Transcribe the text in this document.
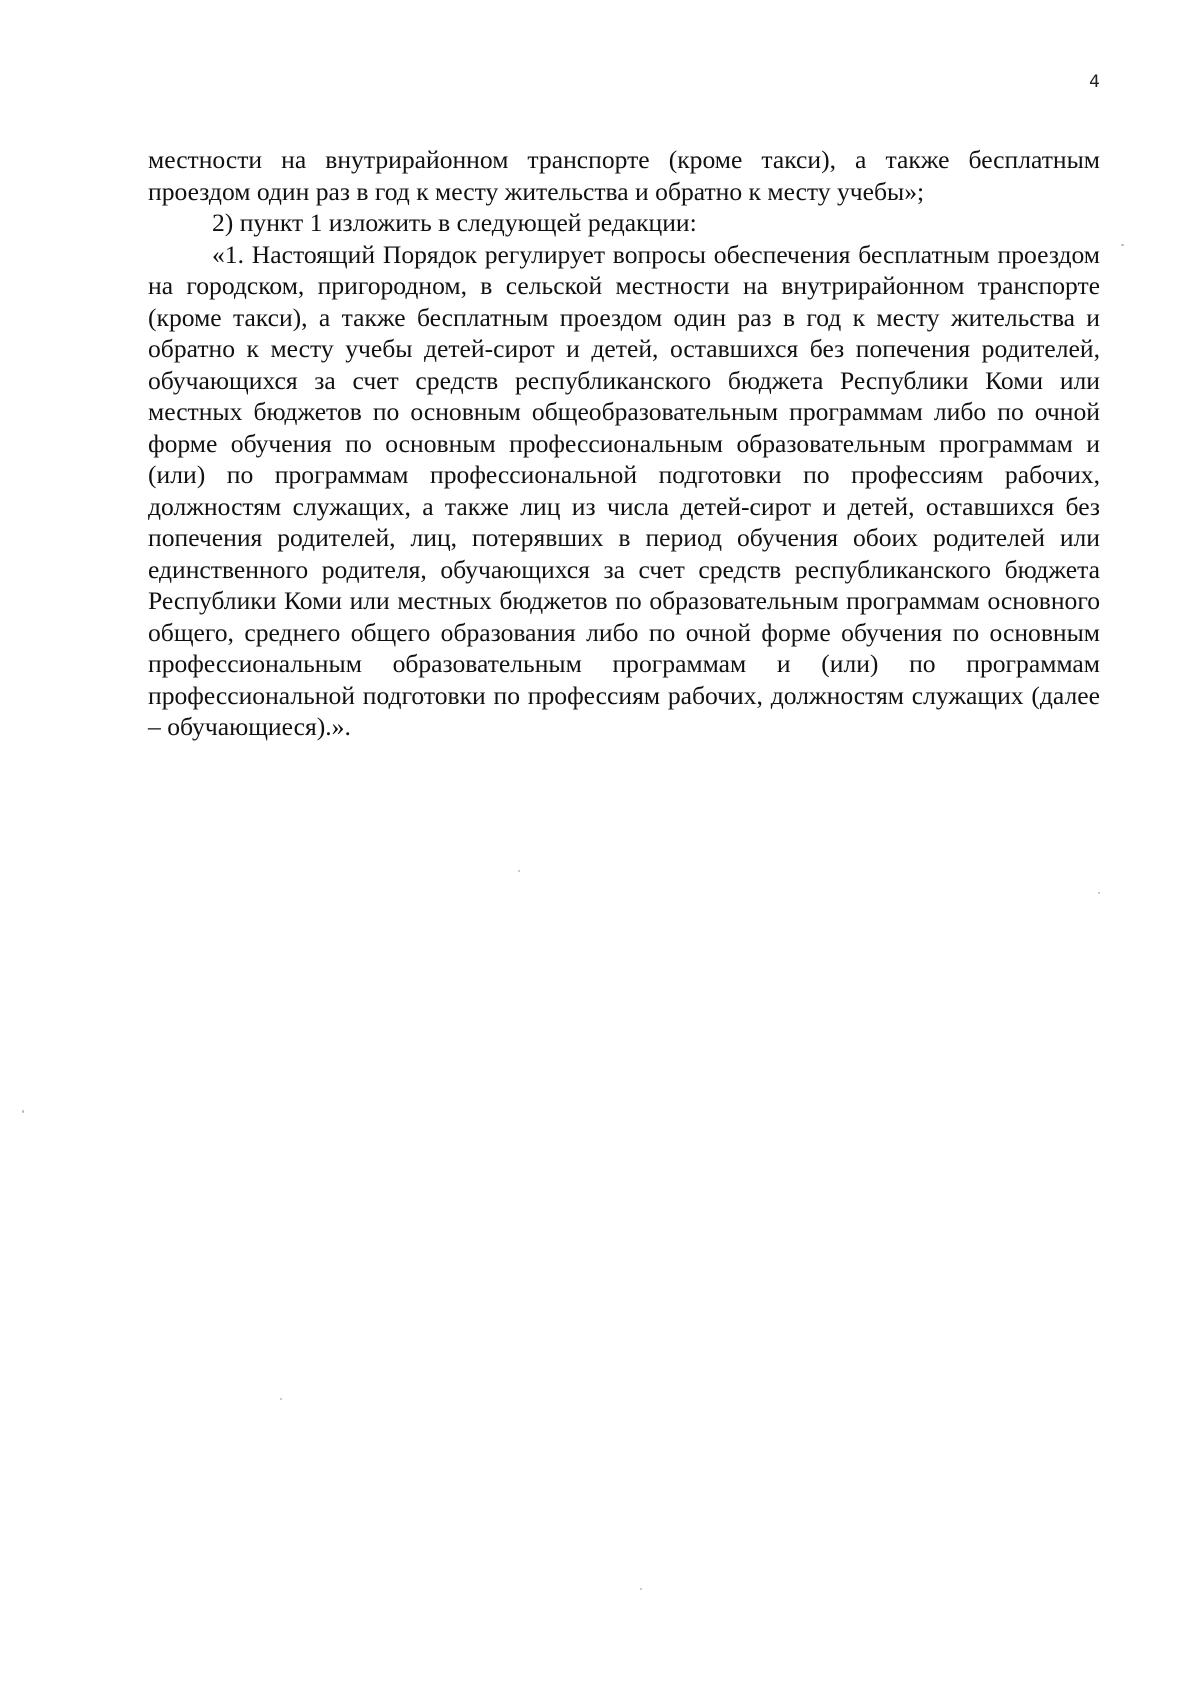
4

местности на внутрирайонном транспорте (кроме такси), а также бесплатным проездом один раз в год к месту жительства и обратно к месту учебы»;

2) пункт 1 изложить в следующей редакции:

«1. Настоящий Порядок регулирует вопросы обеспечения бесплатным проездом на городском, пригородном, в сельской местности на внутрирайонном транспорте (кроме такси), а также бесплатным проездом один раз в год к месту жительства и обратно к месту учебы детей-сирот и детей, оставшихся без попечения родителей, обучающихся за счет средств республиканского бюджета Республики Коми или местных бюджетов по основным общеобразовательным программам либо по очной форме обучения по основным профессиональным образовательным программам и (или) по программам профессиональной подготовки по профессиям рабочих, должностям служащих, а также лиц из числа детей-сирот и детей, оставшихся без попечения родителей, лиц, потерявших в период обучения обоих родителей или единственного родителя, обучающихся за счет средств республиканского бюджета Республики Коми или местных бюджетов по образовательным программам основного общего, среднего общего образования либо по очной форме обучения по основным профессиональным образовательным программам и (или) по программам профессиональной подготовки по профессиям рабочих, должностям служащих (далее – обучающиеся).».
